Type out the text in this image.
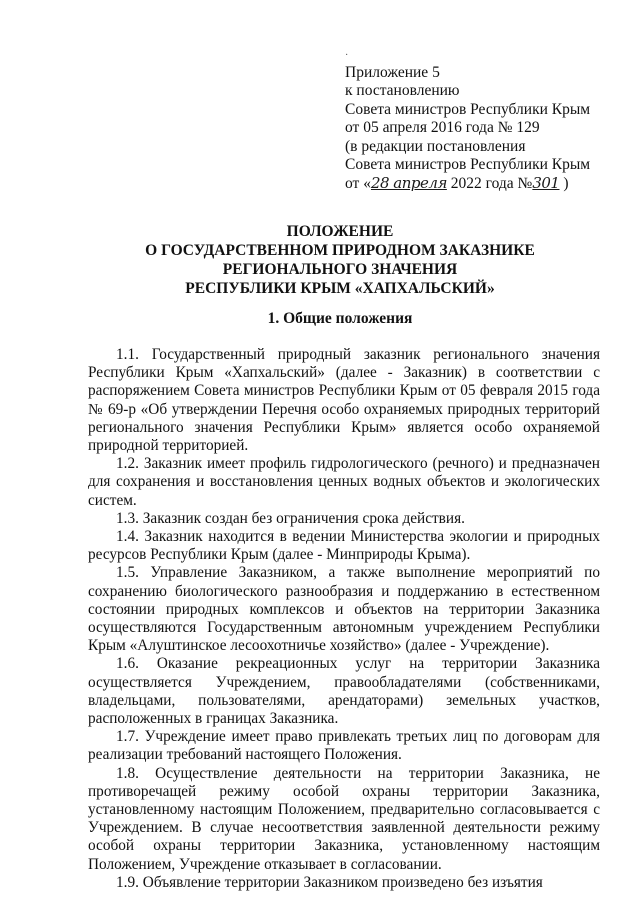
·
Приложение 5
к постановлению
Совета министров Республики Крым
от 05 апреля 2016 года № 129
(в редакции постановления
Совета министров Республики Крым
от «28 апреля 2022 года №301 )
ПОЛОЖЕНИЕ
О ГОСУДАРСТВЕННОМ ПРИРОДНОМ ЗАКАЗНИКЕ
РЕГИОНАЛЬНОГО ЗНАЧЕНИЯ
РЕСПУБЛИКИ КРЫМ «ХАПХАЛЬСКИЙ»
1. Общие положения

1.1. Государственный природный заказник регионального значения Республики Крым «Хапхальский» (далее - Заказник) в соответствии с распоряжением Совета министров Республики Крым от 05 февраля 2015 года № 69-р «Об утверждении Перечня особо охраняемых природных территорий регионального значения Республики Крым» является особо охраняемой природной территорией.

1.2. Заказник имеет профиль гидрологического (речного) и предназначен для сохранения и восстановления ценных водных объектов и экологических систем.

1.3. Заказник создан без ограничения срока действия.

1.4. Заказник находится в ведении Министерства экологии и природных ресурсов Республики Крым (далее - Минприроды Крыма).

1.5. Управление Заказником, а также выполнение мероприятий по сохранению биологического разнообразия и поддержанию в естественном состоянии природных комплексов и объектов на территории Заказника осуществляются Государственным автономным учреждением Республики Крым «Алуштинское лесоохотничье хозяйство» (далее - Учреждение).

1.6. Оказание рекреационных услуг на территории Заказника осуществляется Учреждением, правообладателями (собственниками, владельцами, пользователями, арендаторами) земельных участков, расположенных в границах Заказника.

1.7. Учреждение имеет право привлекать третьих лиц по договорам для реализации требований настоящего Положения.

1.8. Осуществление деятельности на территории Заказника, не противоречащей режиму особой охраны территории Заказника, установленному настоящим Положением, предварительно согласовывается с Учреждением. В случае несоответствия заявленной деятельности режиму особой охраны территории Заказника, установленному настоящим Положением, Учреждение отказывает в согласовании.

1.9. Объявление территории Заказником произведено без изъятия
